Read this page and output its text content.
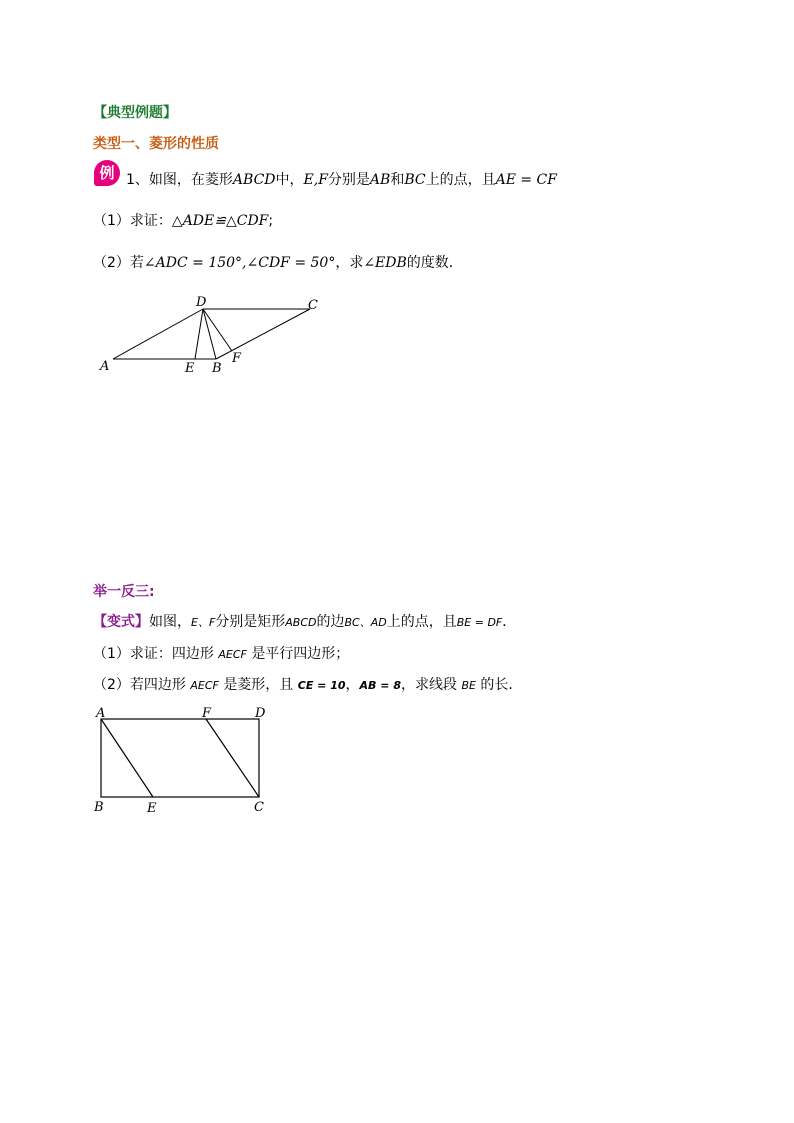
【典型例题】
类型一、菱形的性质
例 1、如图，在菱形ABCD中，E,F分别是AB和BC上的点，且AE = CF
（1）求证：△ADE≌△CDF;
（2）若∠ADC = 150°,∠CDF = 50°，求∠EDB的度数．
D	C
A	E B
F
举一反三:
【变式】如图，E、F分别是矩形ABCD的边BC、AD上的点，且BE = DF．
（1）求证：四边形 AECF 是平行四边形；
（2）若四边形 AECF 是菱形，且 CE = 10，AB = 8，求线段 BE 的长．
A	F	D
B	E	C
